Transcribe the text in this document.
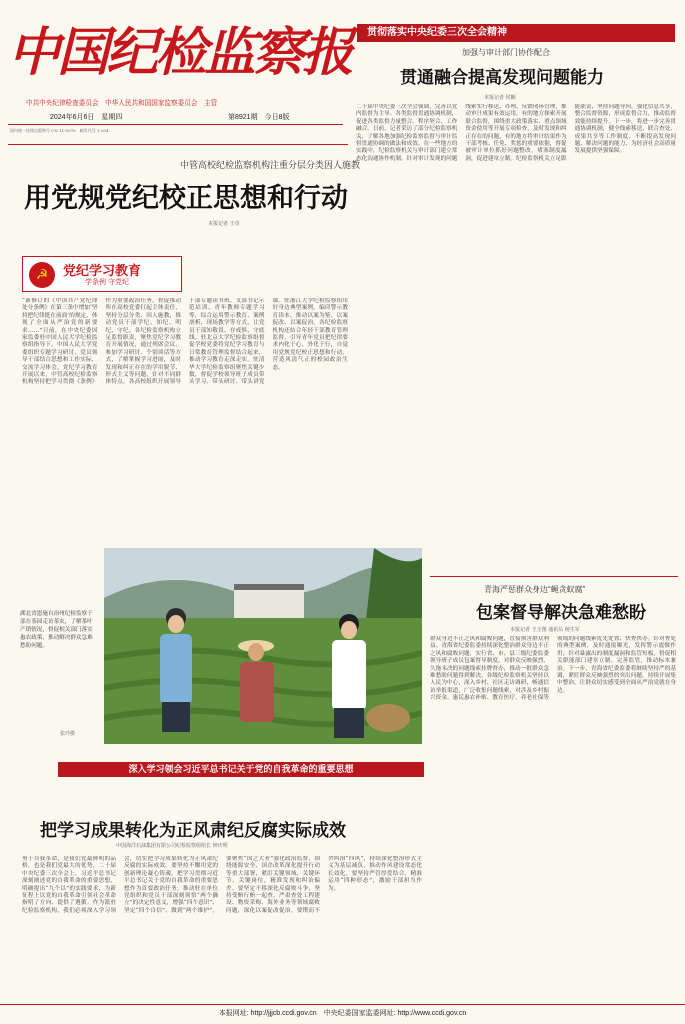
中国纪检监察报
中共中央纪律检查委员会　中华人民共和国国家监察委员会　主管
2024年6月6日　星期四	第8921期　今日8版
国内统一连续出版物号 CN 11-0076　邮发代号 1-204
贯彻落实中央纪委三次全会精神
加强与审计部门协作配合
贯通融合提高发现问题能力
本报记者 侯颗
二十届中央纪委三次全会强调，完善以党内监督为主导、各类监督贯通协调机制，促进各类监督力量整合、程序契合、工作融合。日前，记者采访了部分纪检监察机关，了解各地加强纪检监察监督与审计监督贯通协调的做法和成效。在一些地方的实践中，纪检监察机关与审计部门建立常态化沟通协作机制，针对审计发现的问题线索实行移送、办理、反馈闭环管理，推动审计成果有效运用。有的地方探索开展联合监督，围绕重大政策落实、重点领域资金使用等开展专项检查，及时发现和纠正存在的问题。有的地方将审计结果作为干部考核、任免、奖惩的重要依据，督促被审计单位抓好问题整改，堵塞制度漏洞，促进建章立制。纪检监察机关立足职能职责，坚持问题导向，强化信息共享，整合监督资源，形成监督合力，推动监督效能持续提升。下一步，将进一步完善贯通协调机制，健全线索移送、联合查处、成果共享等工作制度，不断提高发现问题、解决问题的能力，为经济社会高质量发展提供坚强保障。
中管高校纪检监察机构注重分层分类因人施教
用党规党纪校正思想和行动
本报记者 王卓
☭	党纪学习教育
学条例 守党纪
“新修订的《中国共产党纪律处分条例》在第三条中增加‘坚持把纪律挺在前面’的规定，体现了全面从严治党的新要求……”日前，在中央纪委国家监委驻中国人民大学纪检监察组指导下，中国人民大学党委组织专题学习研讨，党员领导干部结合思想和工作实际，交流学习体会。党纪学习教育开展以来，中管高校纪检监察机构坚持把学习贯彻《条例》作为重要政治任务，督促推动所在高校党委扛起主体责任，坚持分层分类、因人施教，推动党员干部学纪、知纪、明纪、守纪。各纪检监察机构立足监督职责，聚焦党纪学习教育开展情况，通过列席会议、参加学习研讨、个别谈话等方式，了解掌握学习进展，及时发现和纠正存在的学用脱节、形式主义等问题。针对不同群体特点，各高校组织开展领导干部专题读书班、支部书记示范培训、青年教师专题学习等，综合运用警示教育、案例剖析、现场教学等方式，让党员干部知敬畏、存戒惧、守底线。驻北京大学纪检监察组督促学校党委将党纪学习教育与日常教育管理监督结合起来，推动学习教育走深走实。驻清华大学纪检监察组聚焦关键少数，督促学校领导班子成员带头学习、带头研讨、带头讲党课。驻浙江大学纪检监察组用好身边典型案例，编印警示教育读本，推动以案为鉴、以案促改、以案促治。各纪检监察机构还结合年轻干部教育管理监督，引导青年党员把纪律要求内化于心、外化于行，自觉用党规党纪校正思想和行动，营造风清气正的校园政治生态。
湖北省恩施自治州纪检监察干部在茶园走访茶农，了解茶叶产销情况，督促相关部门落实惠农政策，推动解决群众急难愁盼问题。
张玲摄
青海严惩群众身边“蝇贪蚁腐”
包案督导解决急难愁盼
本报记者 王圭图 通讯员 杨生军
群众身边不正之风和腐败问题，直接损害群众利益。青海省纪委监委持续深化整治群众身边不正之风和腐败问题，实行省、市、县三级纪委监委领导班子成员包案督导制度，对群众反映强烈、久拖未决的问题线索挂牌督办，推动一批群众急难愁盼问题得到解决。各级纪检监察机关坚持以人民为中心，深入乡村、社区走访调研，畅通信访举报渠道，广泛收集问题线索，对涉及乡村振兴资金、惠民惠农补贴、教育医疗、养老社保等领域的问题线索优先处置、快查快办。针对查处的典型案例，及时通报曝光，发挥警示震慑作用；针对暴露出的制度漏洞和监管短板，督促相关职能部门建章立制、完善监管，推动标本兼治。下一步，青海省纪委监委将继续坚持严的基调，紧盯群众反映强烈的突出问题，持续开展集中整治，让群众切实感受到全面从严治党就在身边。
深入学习领会习近平总书记关于党的自我革命的重要思想
把学习成果转化为正风肃纪反腐实际成效
中国海洋石油集团有限公司纪检监察组组长 钟庆明
勇于自我革命，是我们党最鲜明的品格，也是我们党最大的优势。二十届中央纪委三次全会上，习近平总书记深刻阐述党的自我革命的重要思想，明确提出“九个以”的实践要求，为新征程上以党的自我革命引领社会革命指明了方向、提供了遵循。作为派驻纪检监察机构，我们必须深入学习领会，切实把学习成果转化为正风肃纪反腐的实际成效。要坚持不懈用党的创新理论凝心铸魂，把学习贯彻习近平总书记关于党的自我革命的重要思想作为首要政治任务，推动驻在单位党组织和党员干部深刻领悟“两个确立”的决定性意义，增强“四个意识”、坚定“四个自信”、做到“两个维护”。要聚焦“国之大者”强化政治监督，围绕能源安全、国企改革深化提升行动等重大部署，紧盯关键领域、关键环节、关键岗位，精准发现和纠治偏差。要坚定不移深化反腐败斗争，坚持受贿行贿一起查，严肃查处工程建设、物资采购、海外业务等领域腐败问题，深化以案促改促治。要锲而不舍纠治“四风”，持续深化整治形式主义为基层减负，推动作风建设常态化长效化。要坚持严管厚爱结合，精准运用“四种形态”，激励干部担当作为。
本报网址: http://jjjcb.ccdi.gov.cn　中央纪委国家监委网址: http://www.ccdi.gov.cn
